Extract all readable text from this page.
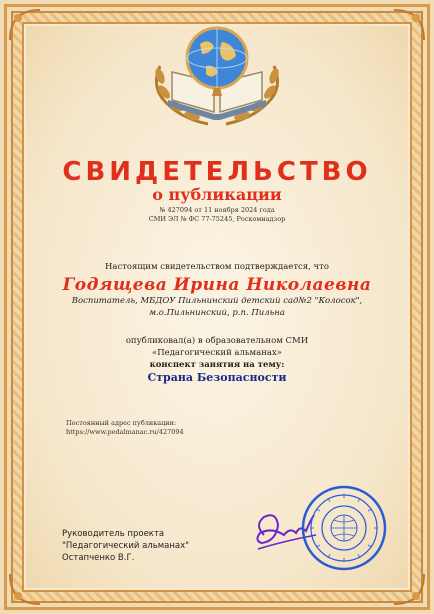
СВИДЕТЕЛЬСТВО
о публикации
№ 427094 от 11 ноября 2024 года
СМИ ЭЛ № ФС 77-75245, Роскомнадзор
Настоящим свидетельством подтверждается, что
Годящева Ирина Николаевна
Воспитатель, МБДОУ Пильнинский детский сад№2 "Колосок",
м.о.Пильнинский, р.п. Пильна
опубликовал(а) в образовательном СМИ
«Педагогический альманах»
конспект занятия на тему:
Страна Безопасности
Постоянный адрес публикации:
https://www.pedalmanac.ru/427094
Руководитель проекта
"Педагогический альманах"
Остапченко В.Г.
